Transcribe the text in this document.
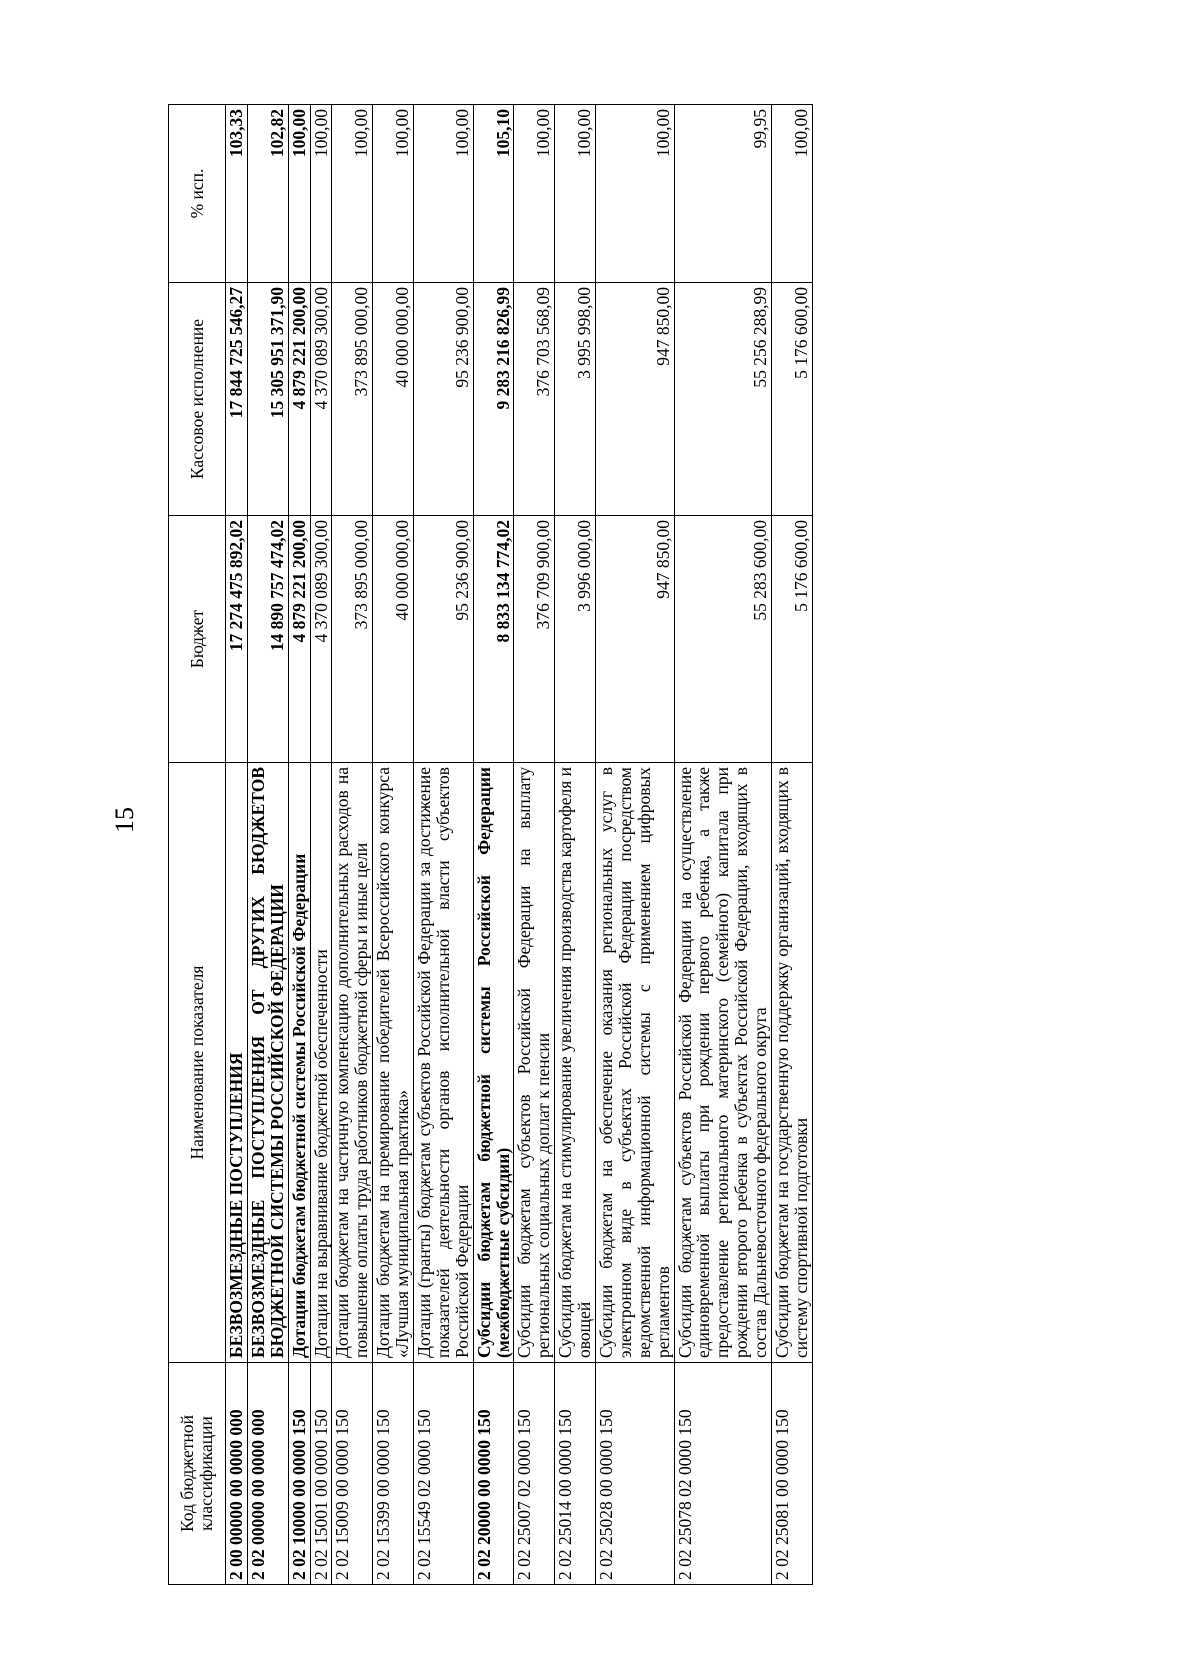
15
Код бюджетной классификации	Наименование показателя	Бюджет	Кассовое исполнение	% исп.
2 00 00000 00 0000 000	БЕЗВОЗМЕЗДНЫЕ ПОСТУПЛЕНИЯ	17 274 475 892,02	17 844 725 546,27	103,33
2 02 00000 00 0000 000	БЕЗВОЗМЕЗДНЫЕ ПОСТУПЛЕНИЯ ОТ ДРУГИХ БЮДЖЕТОВ БЮДЖЕТНОЙ СИСТЕМЫ РОССИЙСКОЙ ФЕДЕРАЦИИ	14 890 757 474,02	15 305 951 371,90	102,82
2 02 10000 00 0000 150	Дотации бюджетам бюджетной системы Российской Федерации	4 879 221 200,00	4 879 221 200,00	100,00
2 02 15001 00 0000 150	Дотации на выравнивание бюджетной обеспеченности	4 370 089 300,00	4 370 089 300,00	100,00
2 02 15009 00 0000 150	Дотации бюджетам на частичную компенсацию дополнительных расходов на повышение оплаты труда работников бюджетной сферы и иные цели	373 895 000,00	373 895 000,00	100,00
2 02 15399 00 0000 150	Дотации бюджетам на премирование победителей Всероссийского конкурса «Лучшая муниципальная практика»	40 000 000,00	40 000 000,00	100,00
2 02 15549 02 0000 150	Дотации (гранты) бюджетам субъектов Российской Федерации за достижение показателей деятельности органов исполнительной власти субъектов Российской Федерации	95 236 900,00	95 236 900,00	100,00
2 02 20000 00 0000 150	Субсидии бюджетам бюджетной системы Российской Федерации (межбюджетные субсидии)	8 833 134 774,02	9 283 216 826,99	105,10
2 02 25007 02 0000 150	Субсидии бюджетам субъектов Российской Федерации на выплату региональных социальных доплат к пенсии	376 709 900,00	376 703 568,09	100,00
2 02 25014 00 0000 150	Субсидии бюджетам на стимулирование увеличения производства картофеля и овощей	3 996 000,00	3 995 998,00	100,00
2 02 25028 00 0000 150	Субсидии бюджетам на обеспечение оказания региональных услуг в электронном виде в субъектах Российской Федерации посредством ведомственной информационной системы с применением цифровых регламентов	947 850,00	947 850,00	100,00
2 02 25078 02 0000 150	Субсидии бюджетам субъектов Российской Федерации на осуществление единовременной выплаты при рождении первого ребенка, а также предоставление регионального материнского (семейного) капитала при рождении второго ребенка в субъектах Российской Федерации, входящих в состав Дальневосточного федерального округа	55 283 600,00	55 256 288,99	99,95
2 02 25081 00 0000 150	Субсидии бюджетам на государственную поддержку организаций, входящих в систему спортивной подготовки	5 176 600,00	5 176 600,00	100,00
